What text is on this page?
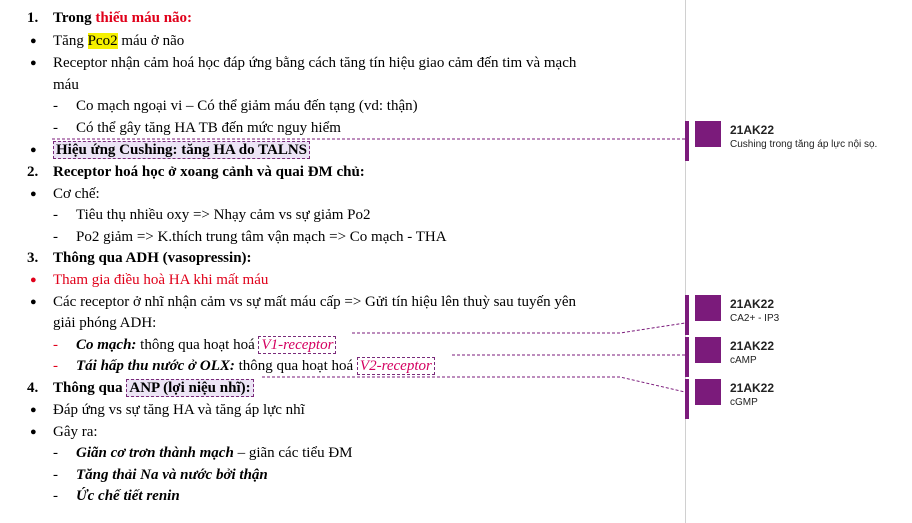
1. Trong thiếu máu não:
● Tăng Pco2 máu ở não
● Receptor nhận cảm hoá học đáp ứng bằng cách tăng tín hiệu giao cảm đến tim và mạch
máu
- Co mạch ngoại vi – Có thể giảm máu đến tạng (vd: thận)
- Có thể gây tăng HA TB đến mức nguy hiểm
● Hiệu ứng Cushing: tăng HA do TALNS
2. Receptor hoá học ở xoang cảnh và quai ĐM chủ:
● Cơ chế:
- Tiêu thụ nhiều oxy => Nhạy cảm vs sự giảm Po2
- Po2 giảm => K.thích trung tâm vận mạch => Co mạch - THA
3. Thông qua ADH (vasopressin):
● Tham gia điều hoà HA khi mất máu
● Các receptor ở nhĩ nhận cảm vs sự mất máu cấp => Gửi tín hiệu lên thuỳ sau tuyến yên
giải phóng ADH:
- Co mạch: thông qua hoạt hoá V1-receptor
- Tái hấp thu nước ở OLX: thông qua hoạt hoá V2-receptor
4. Thông qua ANP (lợi niệu nhĩ):
● Đáp ứng vs sự tăng HA và tăng áp lực nhĩ
● Gây ra:
- Giãn cơ trơn thành mạch – giãn các tiểu ĐM
- Tăng thải Na và nước bởi thận
- Ức chế tiết renin
21AK22
Cushing trong tăng áp lực nội sọ.
21AK22
CA2+ - IP3
21AK22
cAMP
21AK22
cGMP
